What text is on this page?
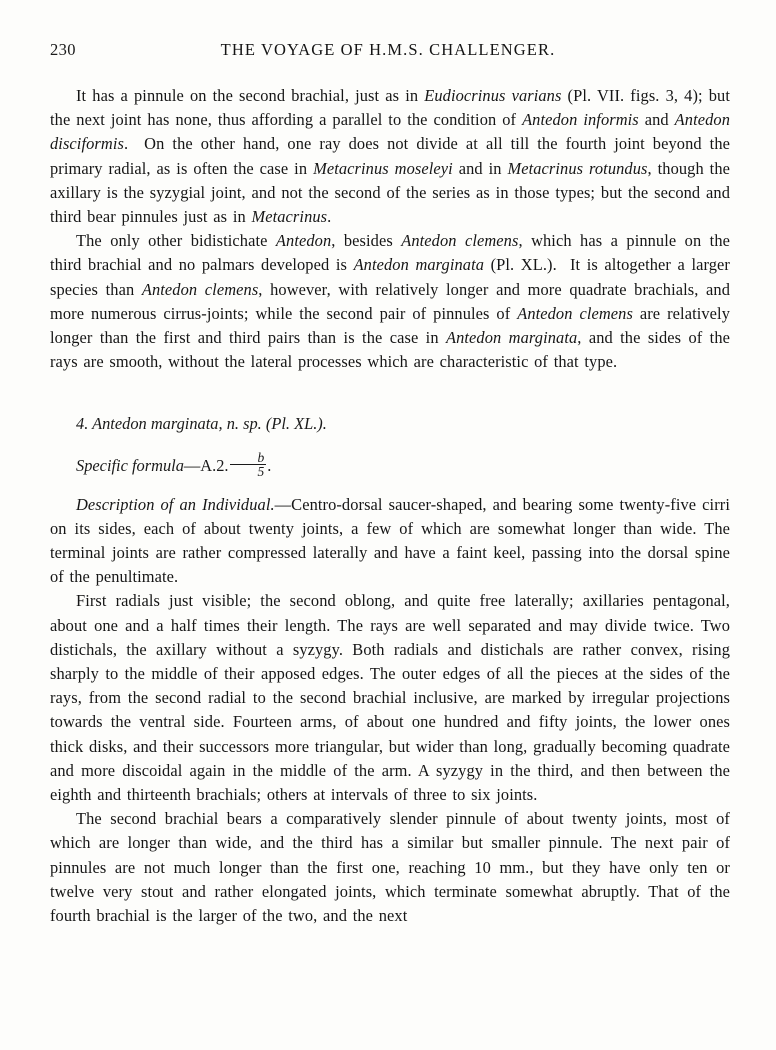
230	THE VOYAGE OF H.M.S. CHALLENGER.

It has a pinnule on the second brachial, just as in Eudiocrinus varians (Pl. VII. figs. 3, 4); but the next joint has none, thus affording a parallel to the condition of Antedon informis and Antedon disciformis.  On the other hand, one ray does not divide at all till the fourth joint beyond the primary radial, as is often the case in Metacrinus moseleyi and in Metacrinus rotundus, though the axillary is the syzygial joint, and not the second of the series as in those types; but the second and third bear pinnules just as in Metacrinus.

The only other bidistichate Antedon, besides Antedon clemens, which has a pinnule on the third brachial and no palmars developed is Antedon marginata (Pl. XL.).  It is altogether a larger species than Antedon clemens, however, with relatively longer and more quadrate brachials, and more numerous cirrus-joints; while the second pair of pinnules of Antedon clemens are relatively longer than the first and third pairs than is the case in Antedon marginata, and the sides of the rays are smooth, without the lateral processes which are characteristic of that type.

4. Antedon marginata, n. sp. (Pl. XL.).
Specific formula—A.2. $\frac{b}{5}$ .

Description of an Individual.—Centro-dorsal saucer-shaped, and bearing some twenty-five cirri on its sides, each of about twenty joints, a few of which are somewhat longer than wide. The terminal joints are rather compressed laterally and have a faint keel, passing into the dorsal spine of the penultimate.

First radials just visible; the second oblong, and quite free laterally; axillaries pentagonal, about one and a half times their length. The rays are well separated and may divide twice. Two distichals, the axillary without a syzygy. Both radials and distichals are rather convex, rising sharply to the middle of their apposed edges. The outer edges of all the pieces at the sides of the rays, from the second radial to the second brachial inclusive, are marked by irregular projections towards the ventral side. Fourteen arms, of about one hundred and fifty joints, the lower ones thick disks, and their successors more triangular, but wider than long, gradually becoming quadrate and more discoidal again in the middle of the arm. A syzygy in the third, and then between the eighth and thirteenth brachials; others at intervals of three to six joints.

The second brachial bears a comparatively slender pinnule of about twenty joints, most of which are longer than wide, and the third has a similar but smaller pinnule. The next pair of pinnules are not much longer than the first one, reaching 10 mm., but they have only ten or twelve very stout and rather elongated joints, which terminate somewhat abruptly. That of the fourth brachial is the larger of the two, and the next
